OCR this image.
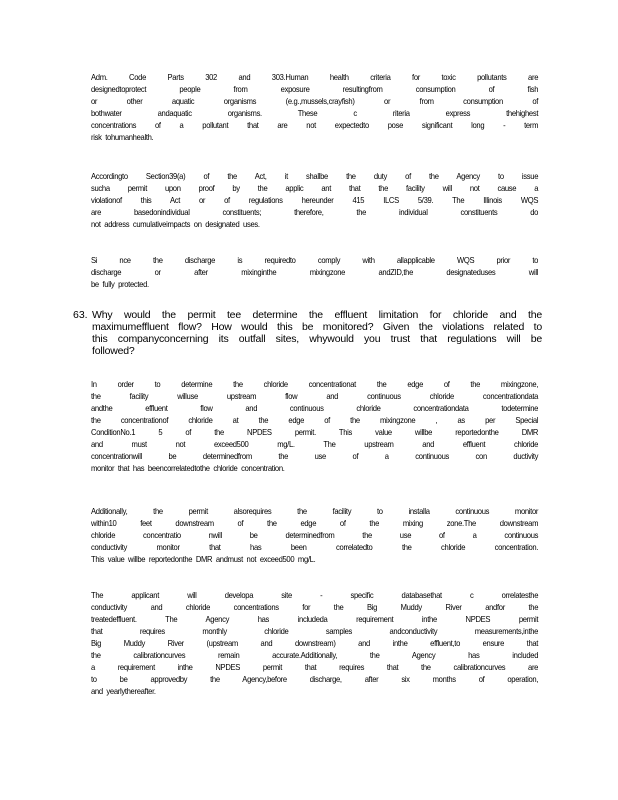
Adm. Code Parts 302 and 303.Human health criteria for toxic pollutants are
designedtoprotect people from exposure resultingfrom consumption of fish
or other aquatic organisms (e.g.,mussels,crayfish) or from consumption of
bothwater andaquatic organisms. These c riteria express thehighest
concentrations of a pollutant that are not expectedto pose significant long - term
risk tohumanhealth.
Accordingto Section39(a) of the Act, it shallbe the duty of the Agency to issue
sucha permit upon proof by the applic ant that the facility will not cause a
violationof this Act or of regulations hereunder 415 ILCS 5/39. The Illinois WQS
are basedonindividual constituents; therefore, the individual constituents do
not address cumulativeimpacts on designated uses.
Si nce the discharge is requiredto comply with allapplicable WQS prior to
discharge or after mixinginthe mixingzone andZID,the designateduses will
be fully protected.
63. Why would the permit tee determine the effluent limitation for chloride and the
maximumeffluent flow? How would this be monitored? Given the violations related to
this companyconcerning its outfall sites, whywould you trust that regulations will be
followed?
In order to determine the chloride concentrationat the edge of the mixingzone,
the facility willuse upstream flow and continuous chloride concentrationdata
andthe effluent flow and continuous chloride concentrationdata todetermine
the concentrationof chloride at the edge of the mixingzone , as per Special
ConditionNo.1 5 of the NPDES permit. This value willbe reportedonthe DMR
and must not exceed500 mg/L. The upstream and effluent chloride
concentrationwill be determinedfrom the use of a continuous con ductivity
monitor that has beencorrelatedtothe chloride concentration.
Additionally, the permit alsorequires the facility to installa continuous monitor
within10 feet downstream of the edge of the mixing zone.The downstream
chloride concentratio nwill be determinedfrom the use of a continuous
conductivity monitor that has been correlatedto the chloride concentration.
This value willbe reportedonthe DMR andmust not exceed500 mg/L.
The applicant will developa site - specific databasethat c orrelatesthe
conductivity and chloride concentrations for the Big Muddy River andfor the
treatedeffluent. The Agency has includeda requirement inthe NPDES permit
that requires monthly chloride samples andconductivity measurements,inthe
Big Muddy River (upstream and downstream) and inthe effluent,to ensure that
the calibrationcurves remain accurate.Additionally, the Agency has included
a requirement inthe NPDES permit that requires that the calibrationcurves are
to be approvedby the Agency,before discharge, after six months of operation,
and yearlythereafter.
